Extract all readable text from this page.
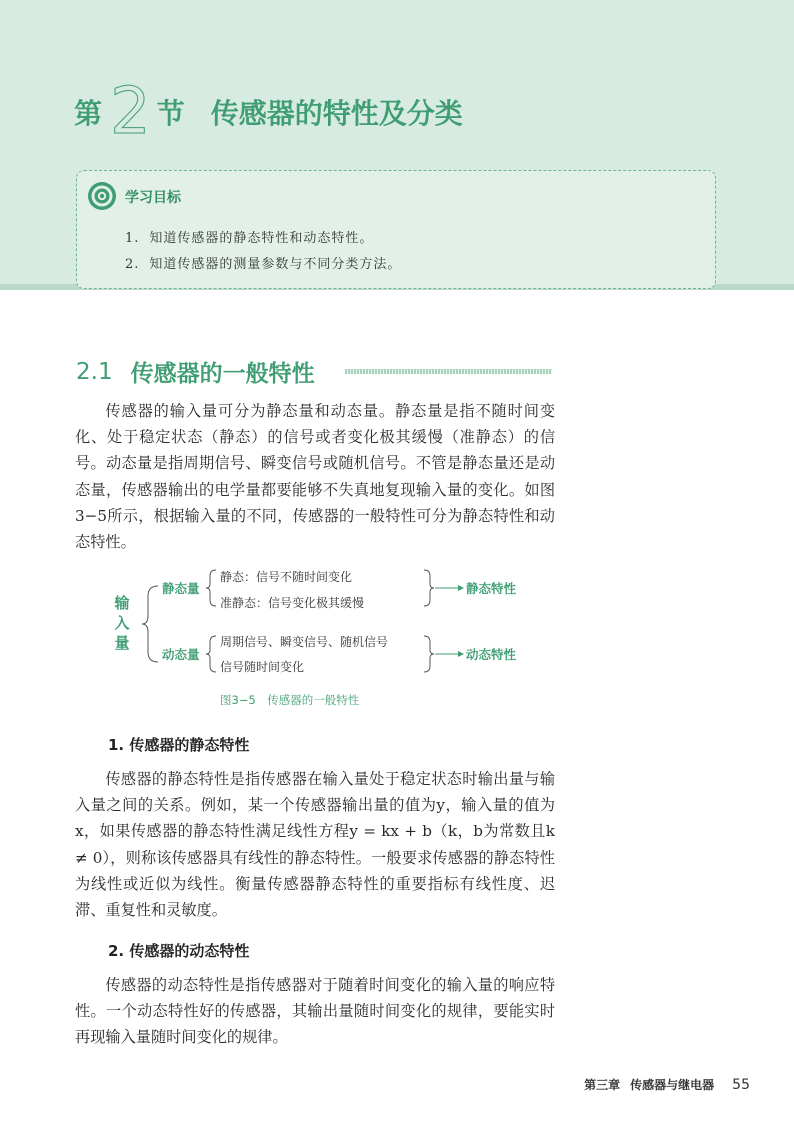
第 2 节 传感器的特性及分类
学习目标
1. 知道传感器的静态特性和动态特性。
2. 知道传感器的测量参数与不同分类方法。
2.1 传感器的一般特性

传感器的输入量可分为静态量和动态量。静态量是指不随时间变化、处于稳定状态（静态）的信号或者变化极其缓慢（准静态）的信号。动态量是指周期信号、瞬变信号或随机信号。不管是静态量还是动态量，传感器输出的电学量都要能够不失真地复现输入量的变化。如图3−5所示，根据输入量的不同，传感器的一般特性可分为静态特性和动态特性。

输
入
量
静态量
静态：信号不随时间变化
准静态：信号变化极其缓慢
静态特性
动态量
周期信号、瞬变信号、随机信号
信号随时间变化
动态特性
图3−5　传感器的一般特性
1. 传感器的静态特性

传感器的静态特性是指传感器在输入量处于稳定状态时输出量与输入量之间的关系。例如，某一个传感器输出量的值为y，输入量的值为x，如果传感器的静态特性满足线性方程y = kx + b（k，b为常数且k ≠ 0），则称该传感器具有线性的静态特性。一般要求传感器的静态特性为线性或近似为线性。衡量传感器静态特性的重要指标有线性度、迟滞、重复性和灵敏度。

2. 传感器的动态特性

传感器的动态特性是指传感器对于随着时间变化的输入量的响应特性。一个动态特性好的传感器，其输出量随时间变化的规律，要能实时再现输入量随时间变化的规律。

第三章 传感器与继电器 55
